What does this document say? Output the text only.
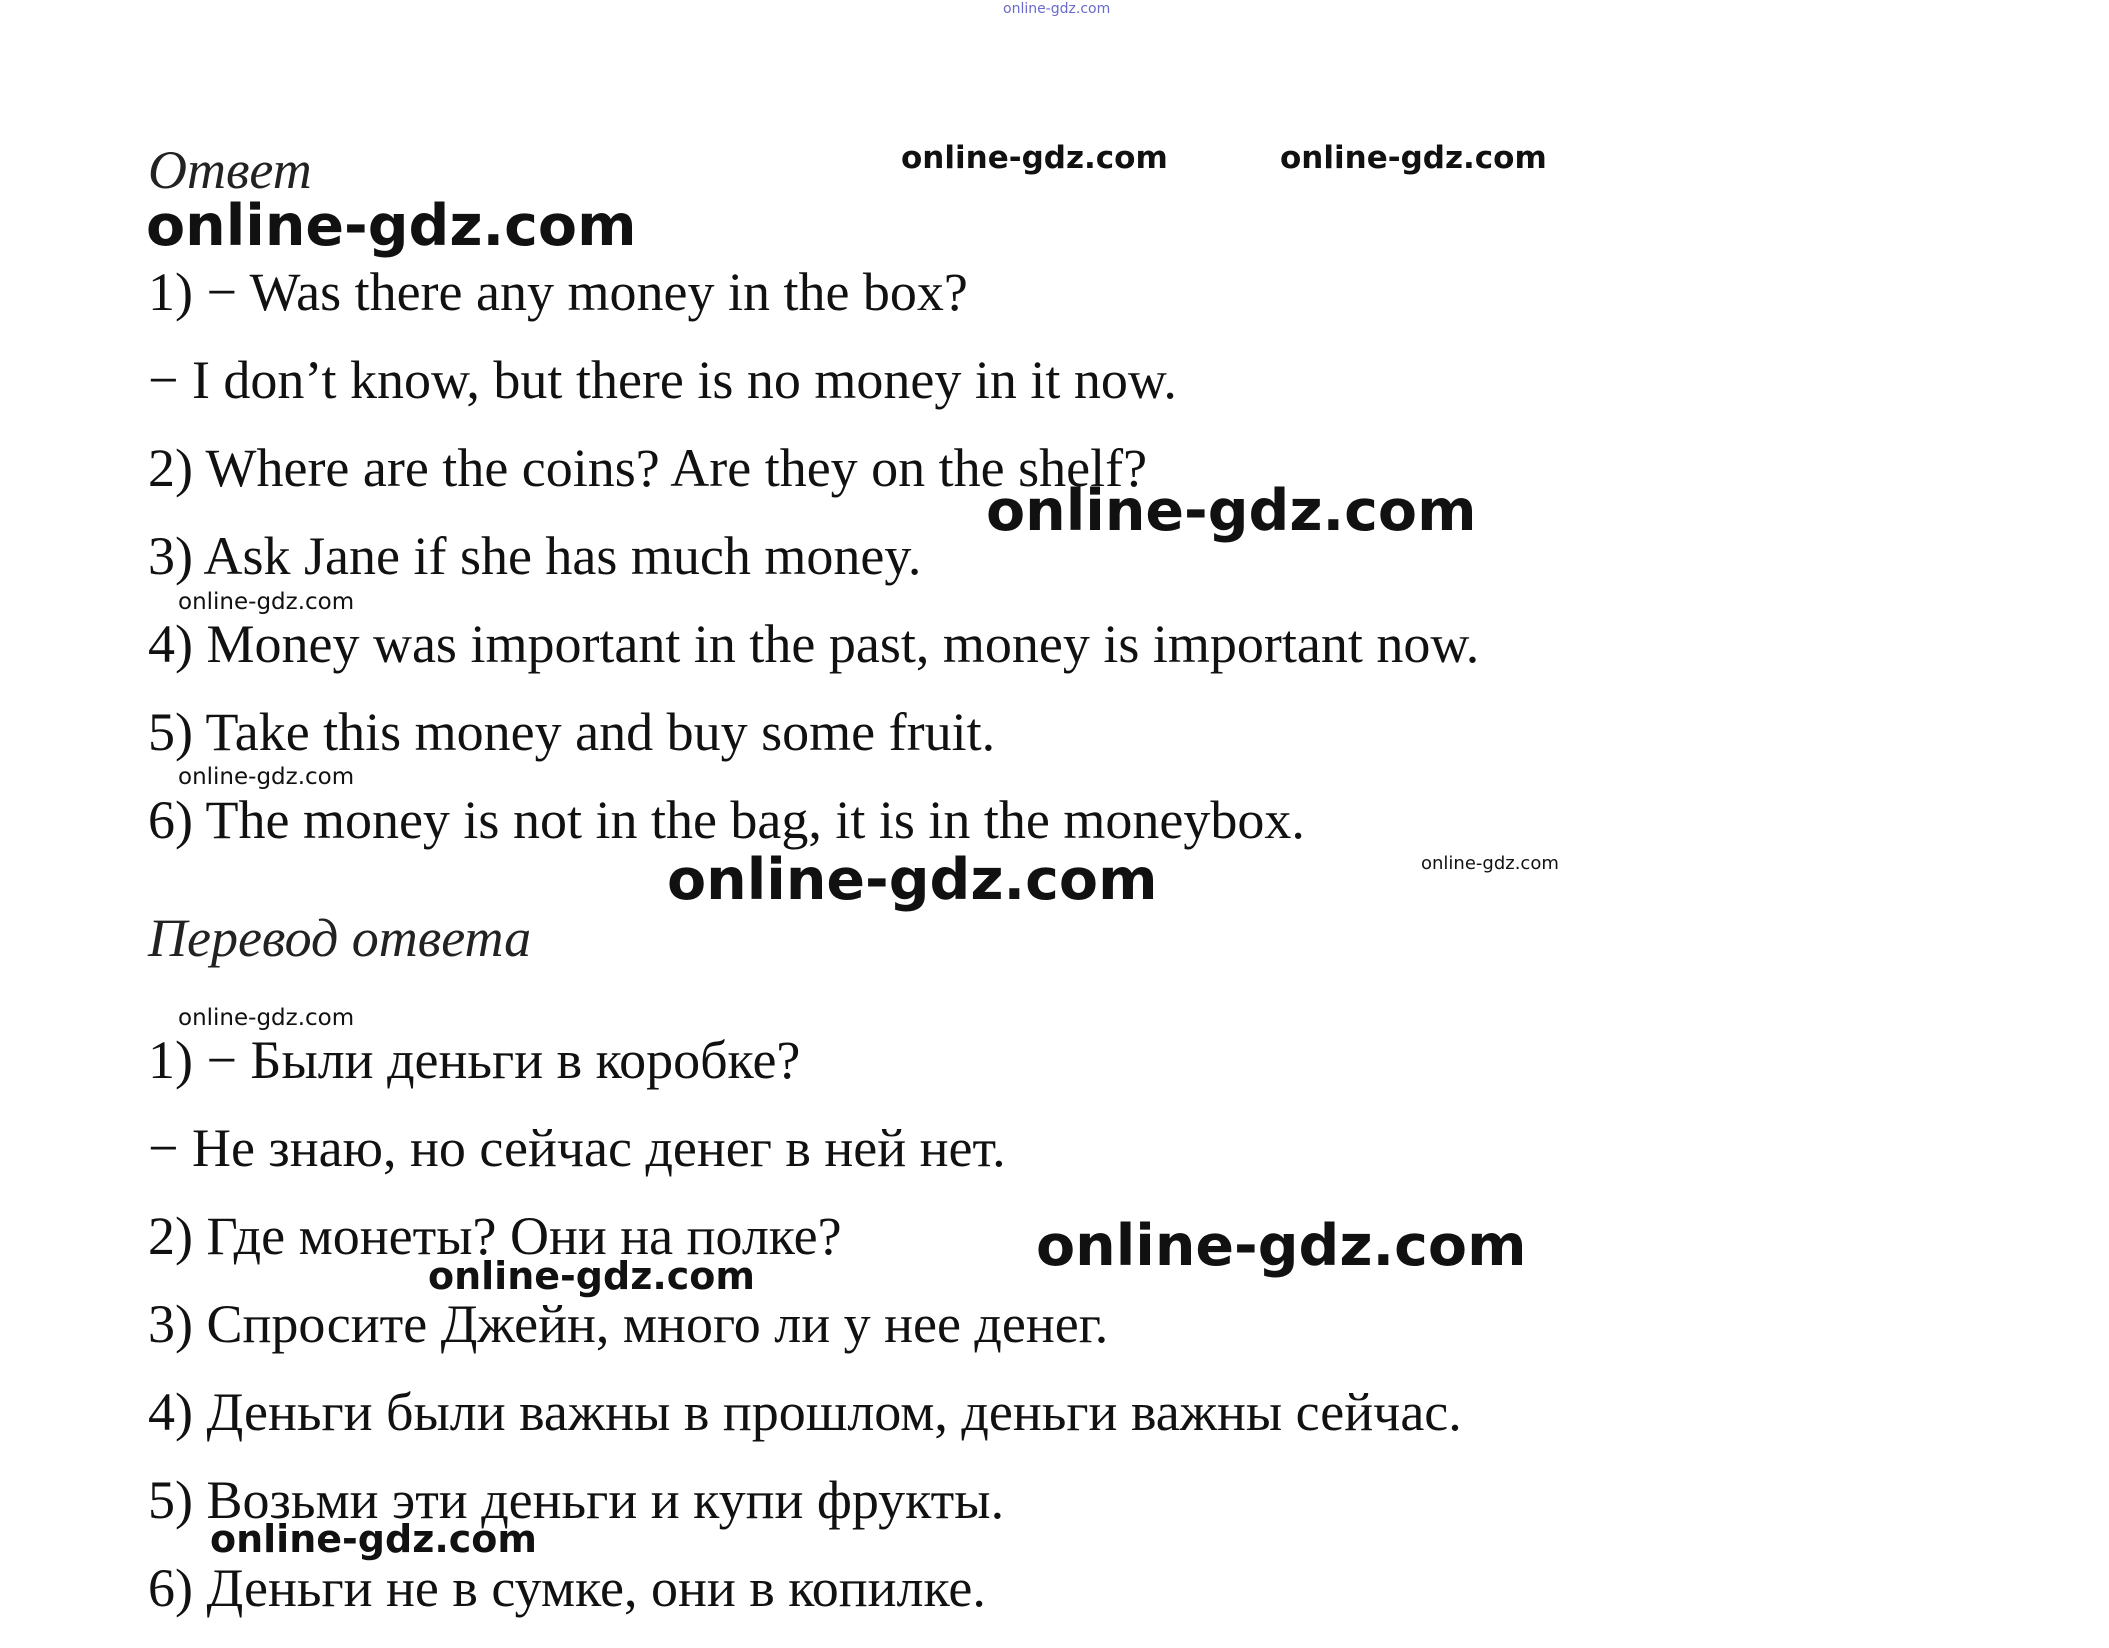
online-gdz.com
online-gdz.com	online-gdz.com
online-gdz.com
Ответ
1) − Was there any money in the box?
− I don’t know, but there is no money in it now.
2) Where are the coins? Are they on the shelf?
online-gdz.com
3) Ask Jane if she has much money.
online-gdz.com
4) Money was important in the past, money is important now.
5) Take this money and buy some fruit.
online-gdz.com
6) The money is not in the bag, it is in the moneybox.
online-gdz.com
online-gdz.com
Перевод ответа
online-gdz.com
1) − Были деньги в коробке?
− Не знаю, но сейчас денег в ней нет.
2) Где монеты? Они на полке?	online-gdz.com
online-gdz.com
3) Спросите Джейн, много ли у нее денег.
4) Деньги были важны в прошлом, деньги важны сейчас.
5) Возьми эти деньги и купи фрукты.
online-gdz.com
6) Деньги не в сумке, они в копилке.
